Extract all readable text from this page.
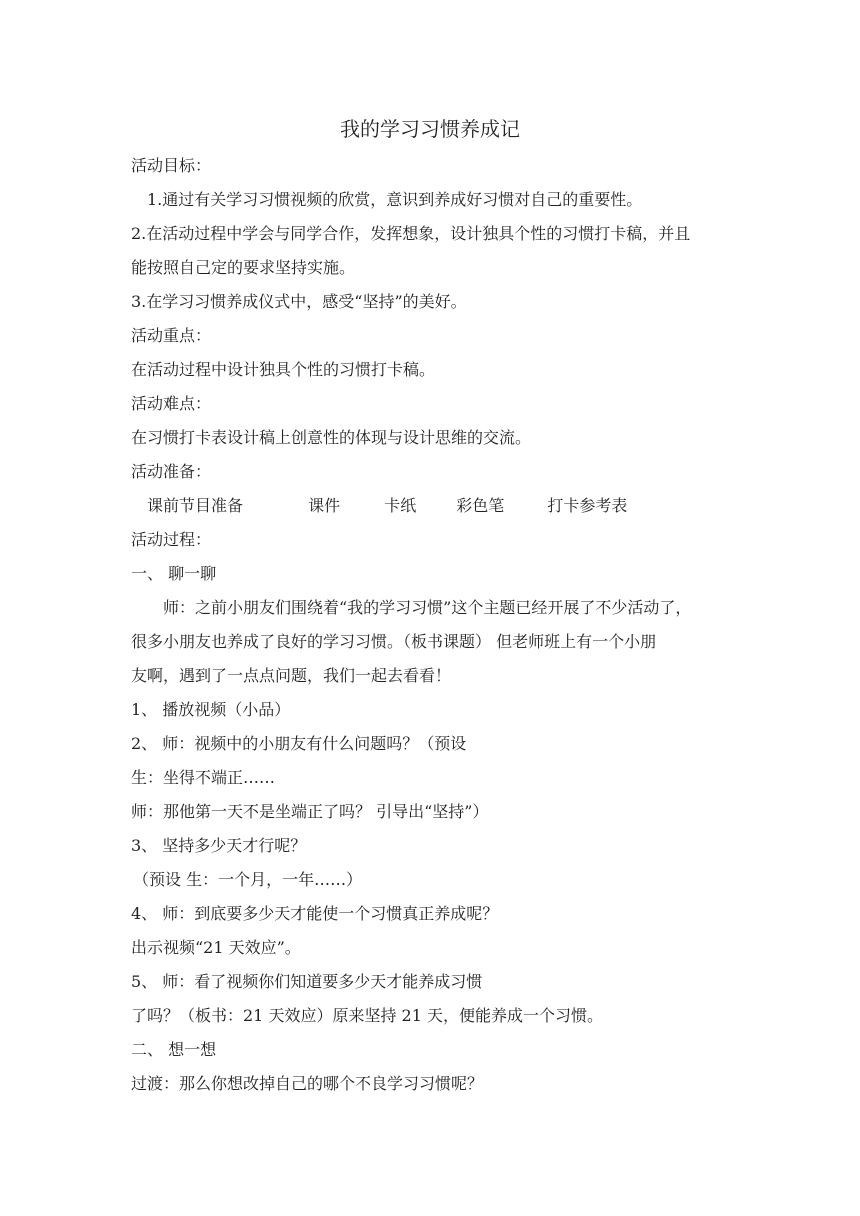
我的学习习惯养成记
活动目标：
1.通过有关学习习惯视频的欣赏，意识到养成好习惯对自己的重要性。
2.在活动过程中学会与同学合作，发挥想象，设计独具个性的习惯打卡稿，并且
能按照自己定的要求坚持实施。
3.在学习习惯养成仪式中，感受“坚持”的美好。
活动重点：
在活动过程中设计独具个性的习惯打卡稿。
活动难点：
在习惯打卡表设计稿上创意性的体现与设计思维的交流。
活动准备：
课前节目准备	课件	卡纸	彩色笔	打卡参考表
活动过程：
一、 聊一聊
师：之前小朋友们围绕着“我的学习习惯”这个主题已经开展了不少活动了，
很多小朋友也养成了良好的学习习惯。（板书课题） 但老师班上有一个小朋
友啊，遇到了一点点问题，我们一起去看看！
1、 播放视频（小品）
2、 师：视频中的小朋友有什么问题吗？（预设
生：坐得不端正……
师：那他第一天不是坐端正了吗？ 引导出“坚持”）
3、 坚持多少天才行呢？
（预设 生：一个月，一年……）
4、 师：到底要多少天才能使一个习惯真正养成呢？
出示视频“21 天效应”。
5、 师：看了视频你们知道要多少天才能养成习惯
了吗？（板书：21 天效应）原来坚持 21 天，便能养成一个习惯。
二、 想一想
过渡：那么你想改掉自己的哪个不良学习习惯呢？
